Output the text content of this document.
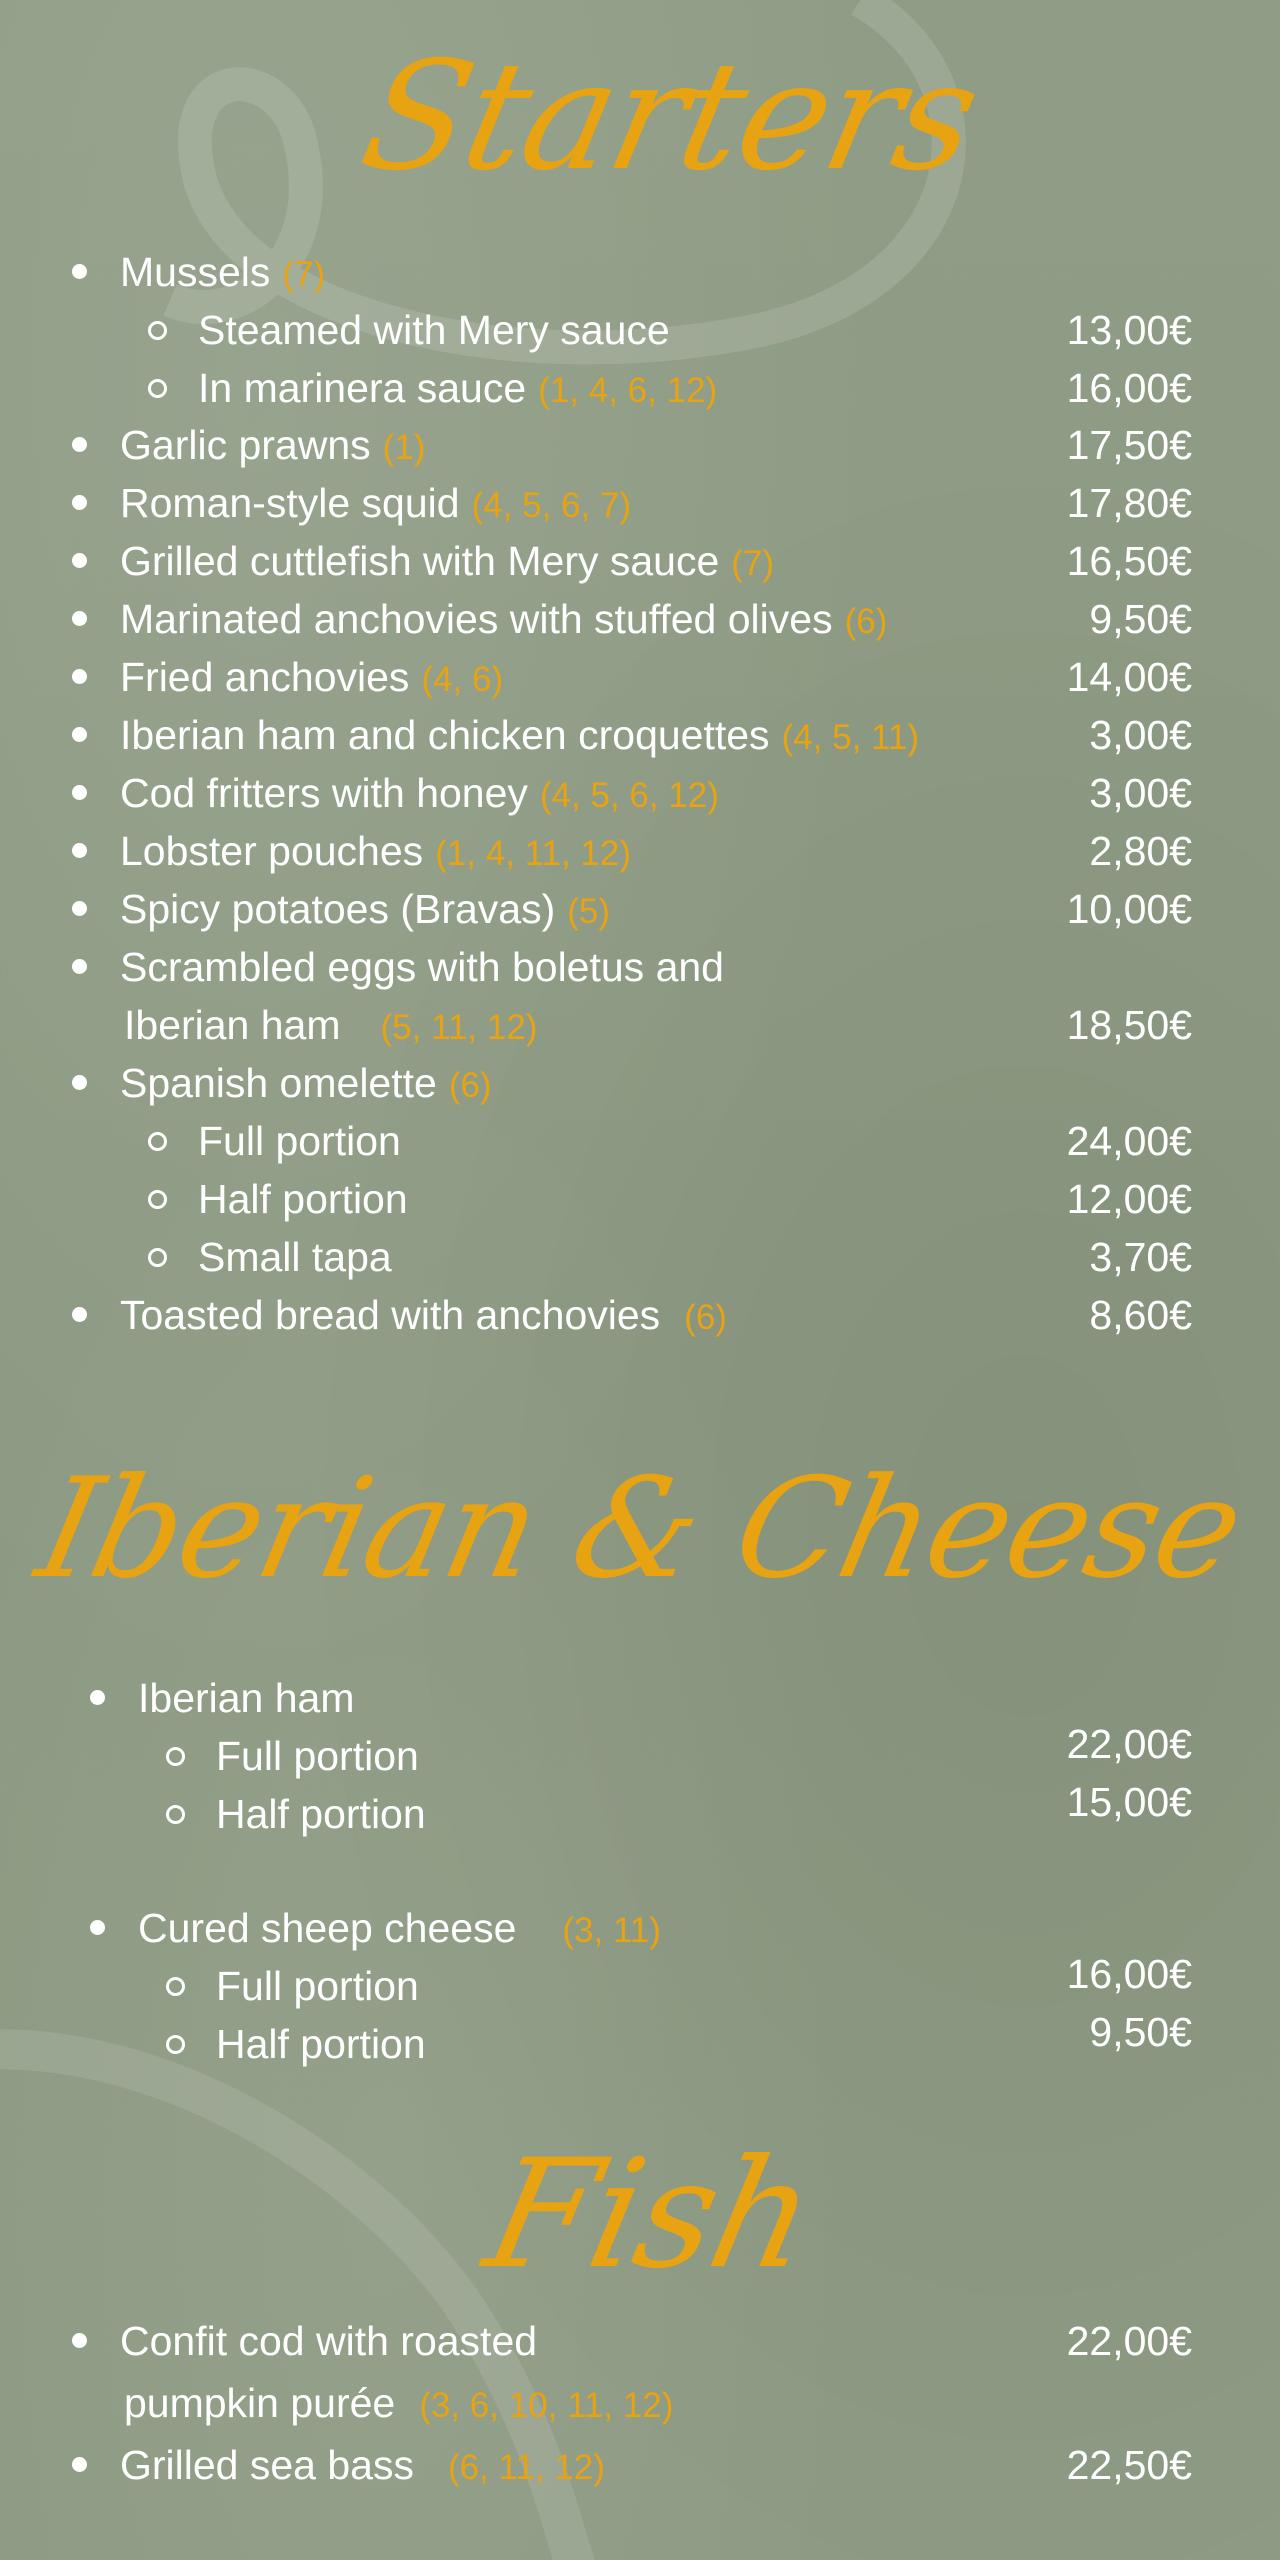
Starters
Mussels (7)
Steamed with Mery sauce	13,00€
In marinera sauce (1, 4, 6, 12)	16,00€
Garlic prawns (1)	17,50€
Roman-style squid (4, 5, 6, 7)	17,80€
Grilled cuttlefish with Mery sauce (7)	16,50€
Marinated anchovies with stuffed olives (6)	9,50€
Fried anchovies (4, 6)	14,00€
Iberian ham and chicken croquettes (4, 5, 11)	3,00€
Cod fritters with honey (4, 5, 6, 12)	3,00€
Lobster pouches (1, 4, 11, 12)	2,80€
Spicy potatoes (Bravas) (5)	10,00€
Scrambled eggs with boletus and
Iberian ham (5, 11, 12)	18,50€
Spanish omelette (6)
Full portion	24,00€
Half portion	12,00€
Small tapa	3,70€
Toasted bread with anchovies (6)	8,60€
Iberian & Cheese
Iberian ham
Full portion	22,00€
Half portion	15,00€
Cured sheep cheese (3, 11)
Full portion	16,00€
Half portion	9,50€
Fish
Confit cod with roasted	22,00€
pumpkin purée (3, 6, 10, 11, 12)
Grilled sea bass (6, 11, 12)	22,50€
